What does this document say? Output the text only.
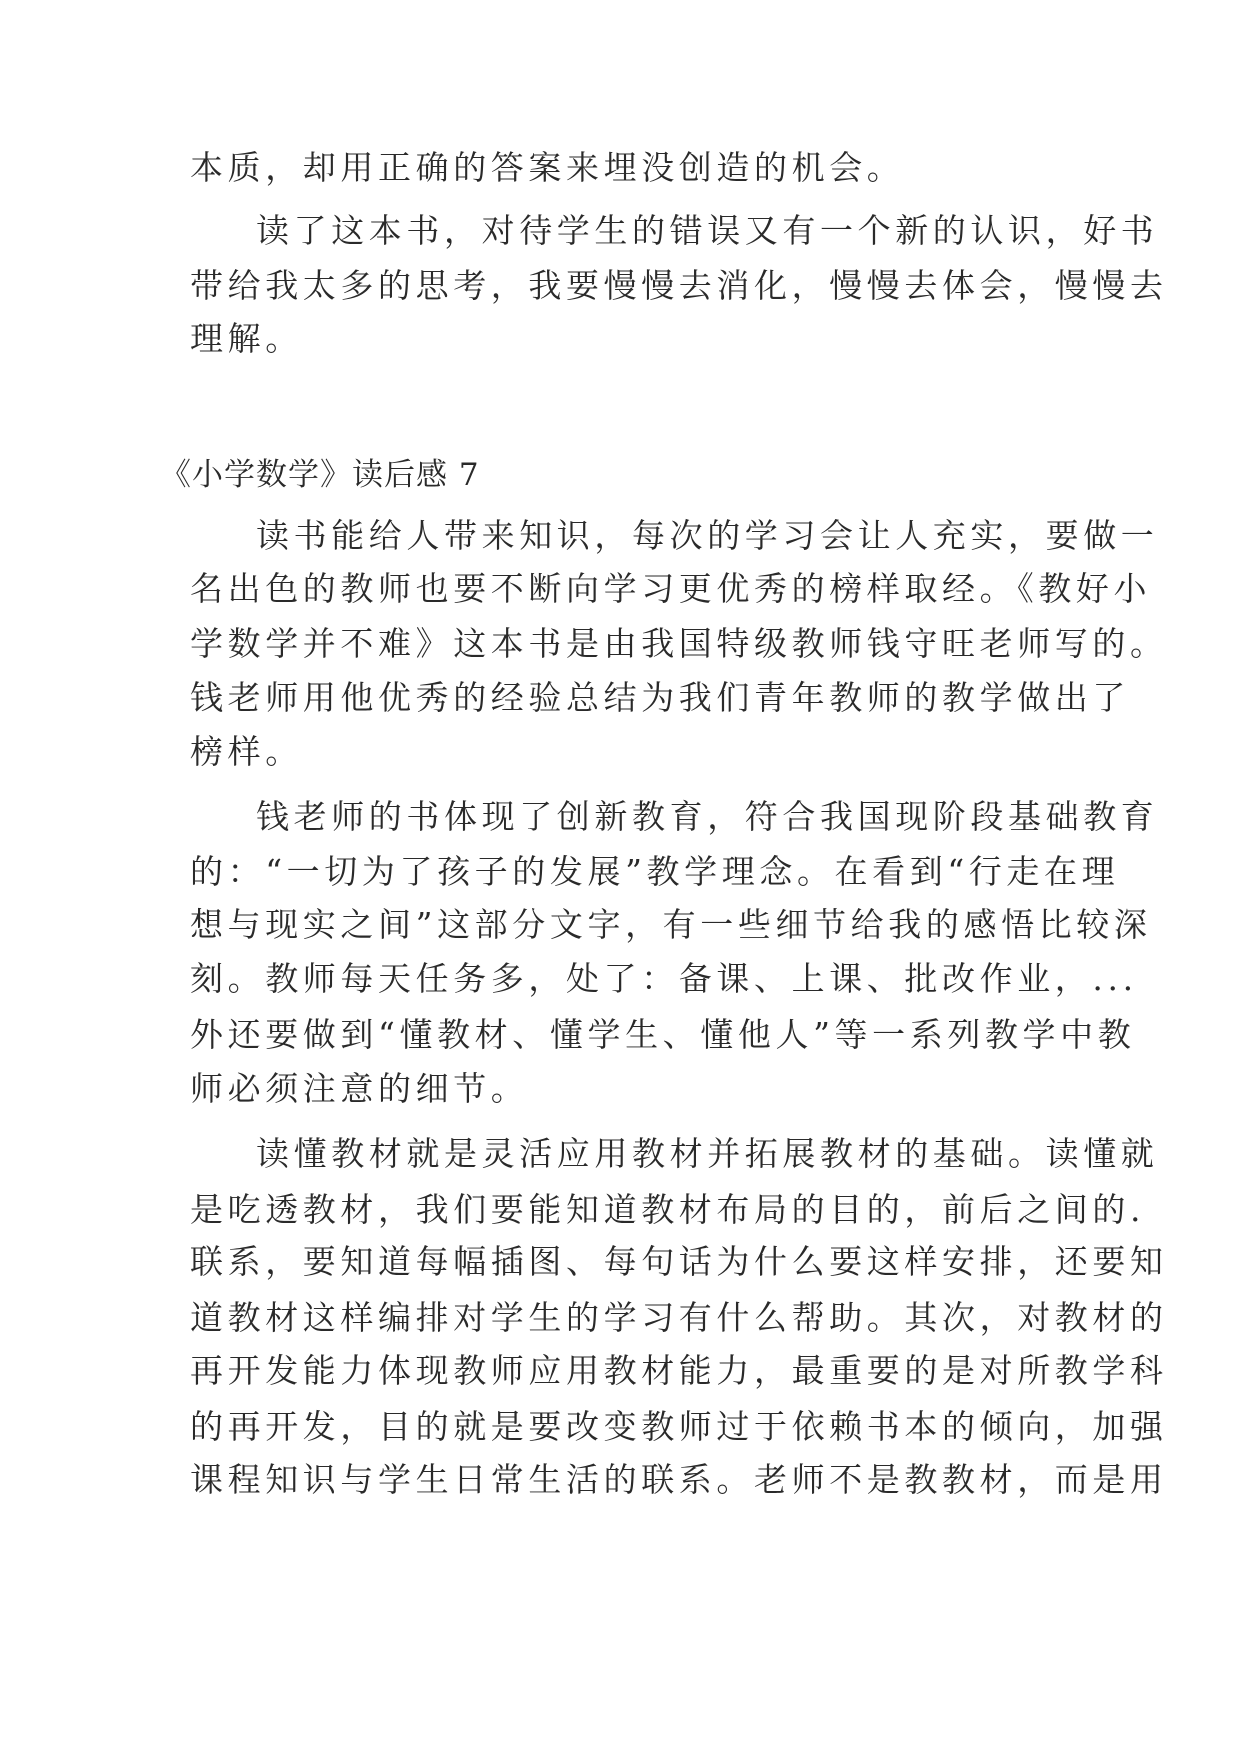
本质，却用正确的答案来埋没创造的机会。
读了这本书，对待学生的错误又有一个新的认识，好书
带给我太多的思考，我要慢慢去消化，慢慢去体会，慢慢去
理解。
《小学数学》读后感 7
读书能给人带来知识，每次的学习会让人充实，要做一
名出色的教师也要不断向学习更优秀的榜样取经。《教好小
学数学并不难》这本书是由我国特级教师钱守旺老师写的。
钱老师用他优秀的经验总结为我们青年教师的教学做出了
榜样。
钱老师的书体现了创新教育，符合我国现阶段基础教育
的：“一切为了孩子的发展”教学理念。在看到“行走在理
想与现实之间”这部分文字，有一些细节给我的感悟比较深
刻。教师每天任务多，处了：备课、上课、批改作业，...
外还要做到“懂教材、懂学生、懂他人”等一系列教学中教
师必须注意的细节。
读懂教材就是灵活应用教材并拓展教材的基础。读懂就
是吃透教材，我们要能知道教材布局的目的，前后之间的.
联系，要知道每幅插图、每句话为什么要这样安排，还要知
道教材这样编排对学生的学习有什么帮助。其次，对教材的
再开发能力体现教师应用教材能力，最重要的是对所教学科
的再开发，目的就是要改变教师过于依赖书本的倾向，加强
课程知识与学生日常生活的联系。老师不是教教材，而是用
